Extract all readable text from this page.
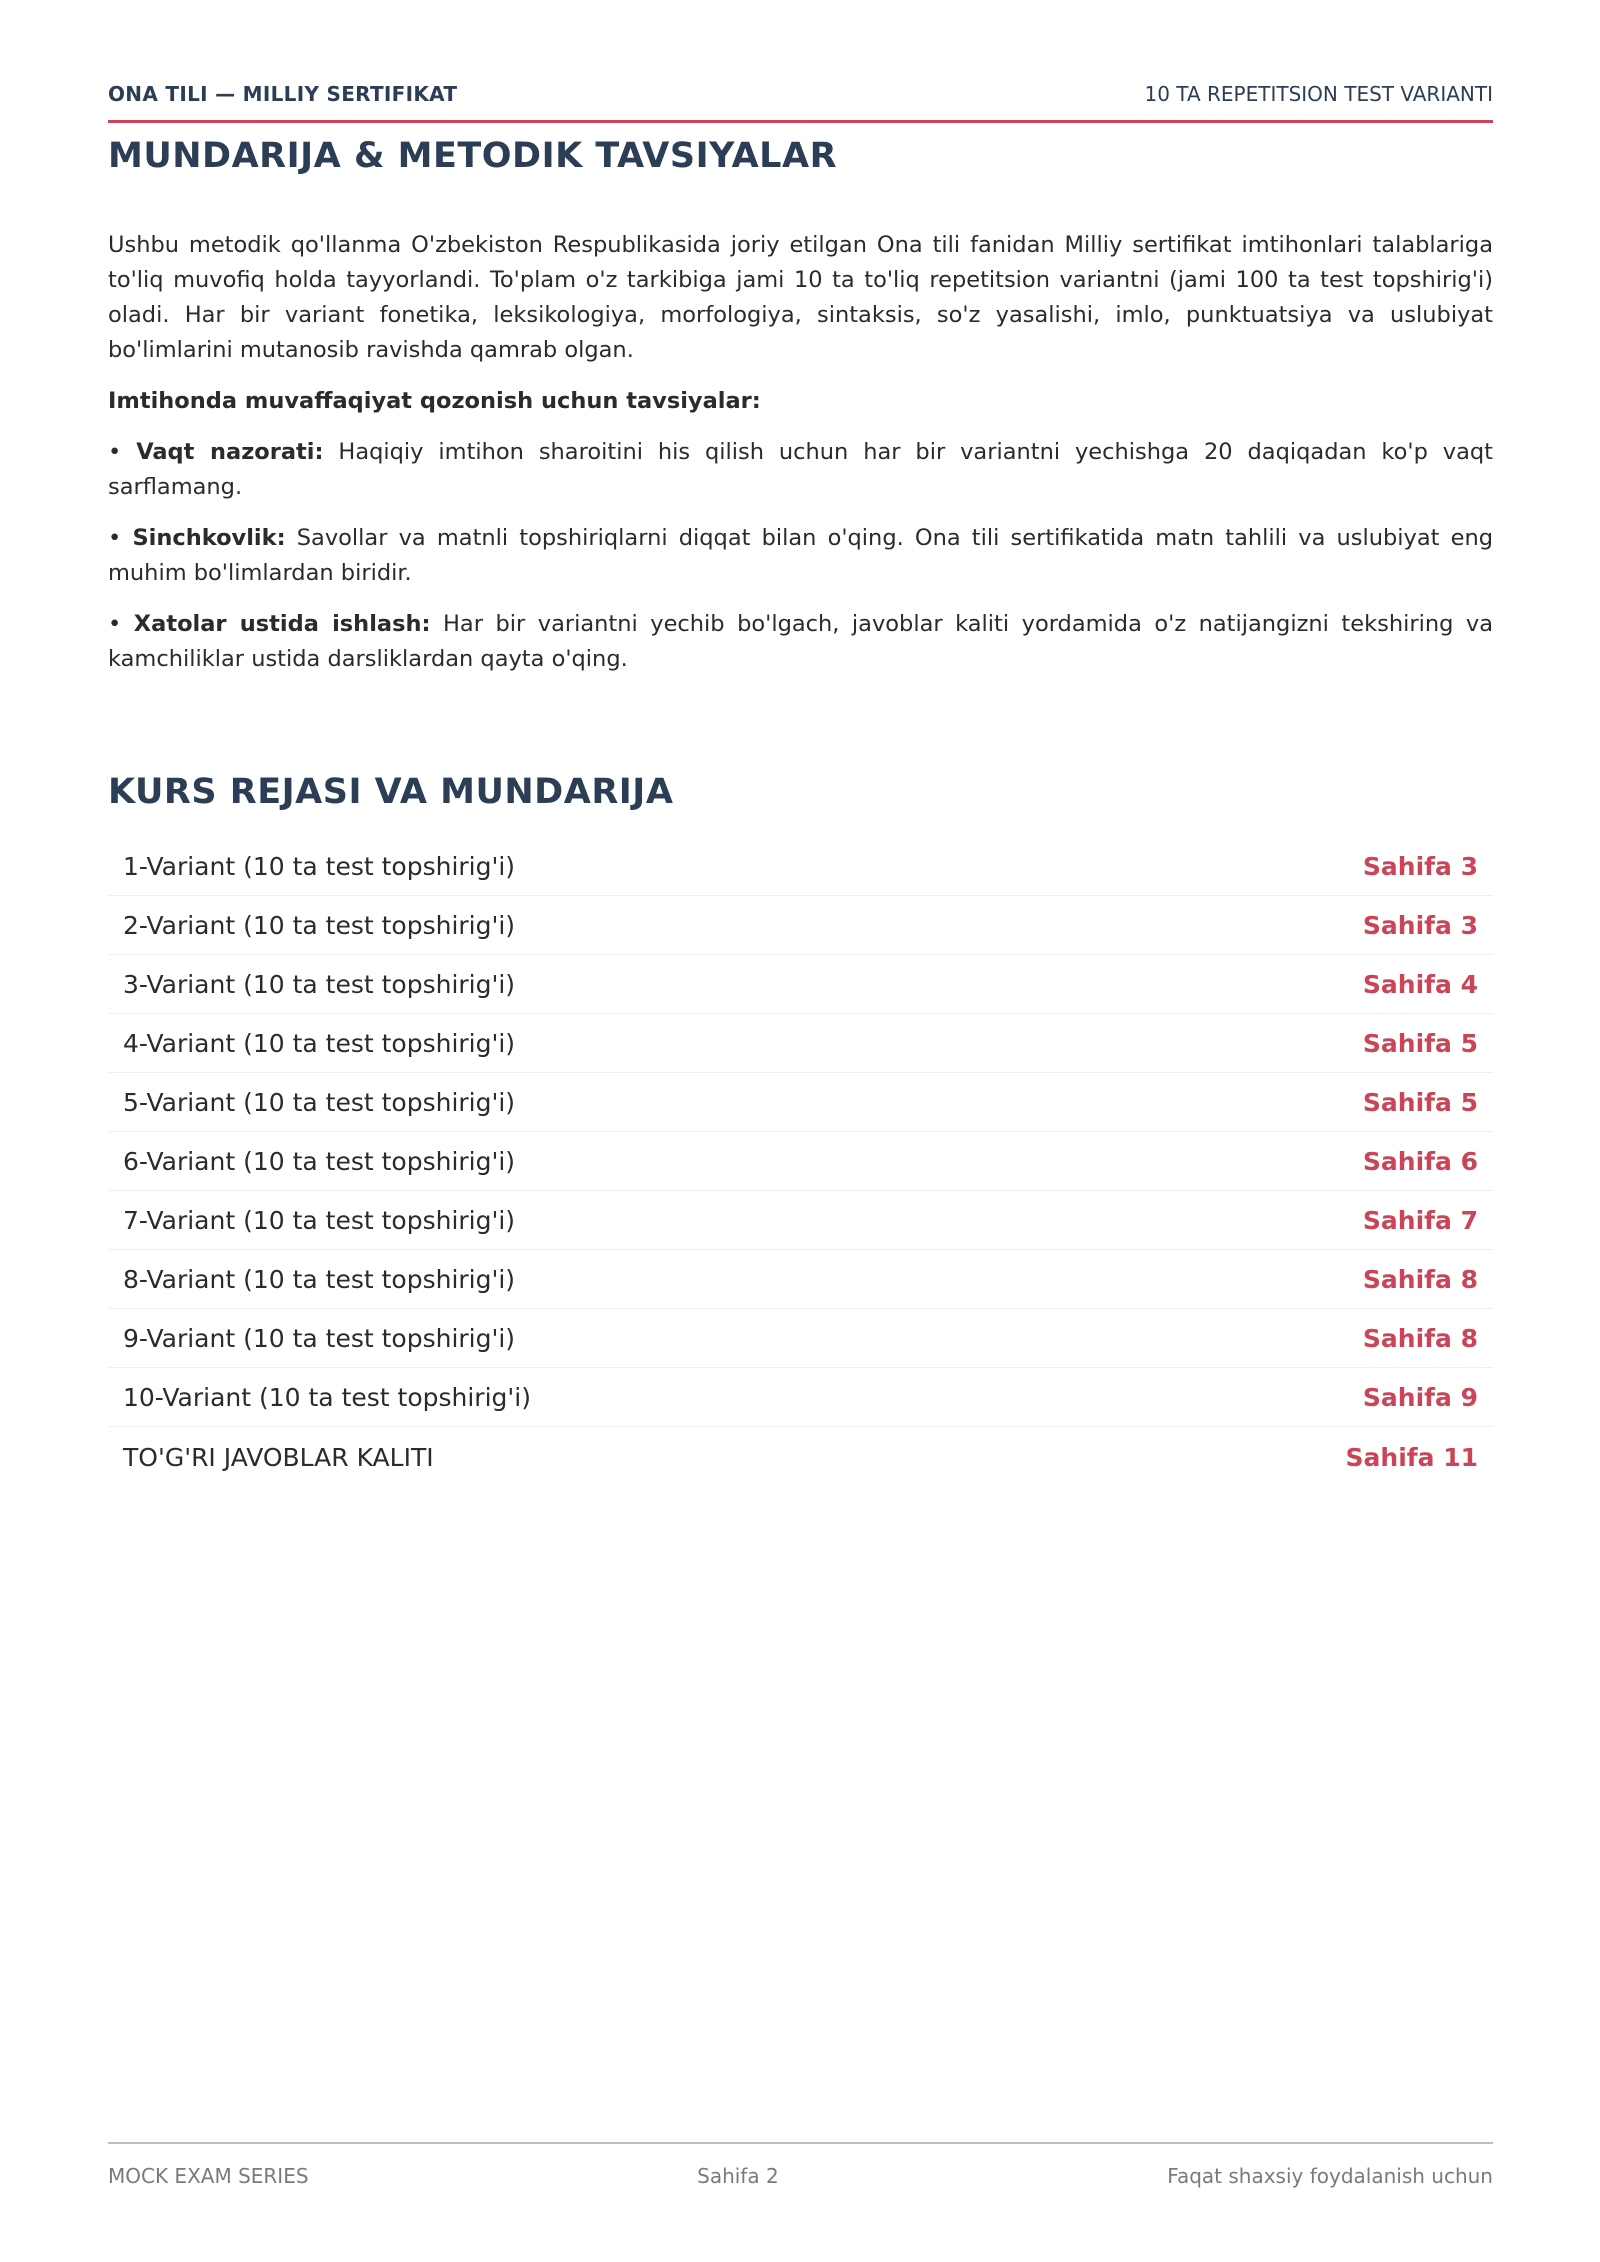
ONA TILI — MILLIY SERTIFIKAT	10 TA REPETITSION TEST VARIANTI
MUNDARIJA & METODIK TAVSIYALAR

Ushbu metodik qo'llanma O'zbekiston Respublikasida joriy etilgan Ona tili fanidan Milliy sertifikat imtihonlari talablariga to'liq muvofiq holda tayyorlandi. To'plam o'z tarkibiga jami 10 ta to'liq repetitsion variantni (jami 100 ta test topshirig'i) oladi. Har bir variant fonetika, leksikologiya, morfologiya, sintaksis, so'z yasalishi, imlo, punktuatsiya va uslubiyat bo'limlarini mutanosib ravishda qamrab olgan.

Imtihonda muvaffaqiyat qozonish uchun tavsiyalar:

• Vaqt nazorati: Haqiqiy imtihon sharoitini his qilish uchun har bir variantni yechishga 20 daqiqadan ko'p vaqt sarflamang.

• Sinchkovlik: Savollar va matnli topshiriqlarni diqqat bilan o'qing. Ona tili sertifikatida matn tahlili va uslubiyat eng muhim bo'limlardan biridir.

• Xatolar ustida ishlash: Har bir variantni yechib bo'lgach, javoblar kaliti yordamida o'z natijangizni tekshiring va kamchiliklar ustida darsliklardan qayta o'qing.

KURS REJASI VA MUNDARIJA
1-Variant (10 ta test topshirig'i)	Sahifa 3
2-Variant (10 ta test topshirig'i)	Sahifa 3
3-Variant (10 ta test topshirig'i)	Sahifa 4
4-Variant (10 ta test topshirig'i)	Sahifa 5
5-Variant (10 ta test topshirig'i)	Sahifa 5
6-Variant (10 ta test topshirig'i)	Sahifa 6
7-Variant (10 ta test topshirig'i)	Sahifa 7
8-Variant (10 ta test topshirig'i)	Sahifa 8
9-Variant (10 ta test topshirig'i)	Sahifa 8
10-Variant (10 ta test topshirig'i)	Sahifa 9
TO'G'RI JAVOBLAR KALITI	Sahifa 11
MOCK EXAM SERIES	Sahifa 2	Faqat shaxsiy foydalanish uchun
